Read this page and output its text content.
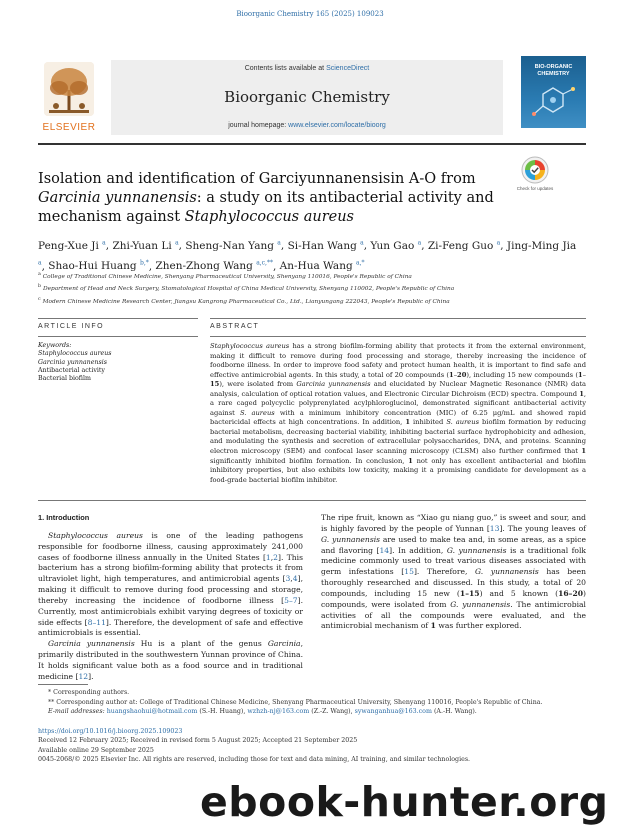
Bioorganic Chemistry 165 (2025) 109023
ELSEVIER
Contents lists available at ScienceDirect
Bioorganic Chemistry
journal homepage: www.elsevier.com/locate/bioorg
BIO-ORGANIC CHEMISTRY
Check for updates
Isolation and identification of Garciyunnanensisin A-O from Garcinia yunnanensis: a study on its antibacterial activity and mechanism against Staphylococcus aureus
Peng-Xue Ji $^a$, Zhi-Yuan Li $^a$, Sheng-Nan Yang $^a$, Si-Han Wang $^a$, Yun Gao $^a$, Zi-Feng Guo $^a$, Jing-Ming Jia $^a$, Shao-Hui Huang $^{b,*}$, Zhen-Zhong Wang $^{a,c,**}$, An-Hua Wang $^{a,*}$
$^a$ College of Traditional Chinese Medicine, Shenyang Pharmaceutical University, Shenyang 110016, People's Republic of China
$^b$ Department of Head and Neck Surgery, Stomatological Hospital of China Medical University, Shenyang 110002, People's Republic of China
$^c$ Modern Chinese Medicine Research Center, Jiangsu Kangrong Pharmaceutical Co., Ltd., Lianyungang 222043, People's Republic of China
ARTICLE INFO	ABSTRACT
Keywords:
Staphylococcus aureus
Garcinia yunnanensis
Antibacterial activity
Bacterial biofilm
Staphylococcus aureus has a strong biofilm-forming ability that protects it from the external environment, making it difficult to remove during food processing and storage, thereby increasing the incidence of foodborne illness. In order to improve food safety and protect human health, it is important to find safe and effective antimicrobial agents. In this study, a total of 20 compounds (1–20), including 15 new compounds (1–15), were isolated from Garcinia yunnanensis and elucidated by Nuclear Magnetic Resonance (NMR) data analysis, calculation of optical rotation values, and Electronic Circular Dichroism (ECD) spectra. Compound 1, a rare caged polycyclic polyprenylated acylphloroglucinol, demonstrated significant antibacterial activity against S. aureus with a minimum inhibitory concentration (MIC) of 6.25 μg/mL and showed rapid bactericidal effects at high concentrations. In addition, 1 inhibited S. aureus biofilm formation by reducing bacterial metabolism, decreasing bacterial viability, inhibiting bacterial surface hydrophobicity and adhesion, and modulating the synthesis and secretion of extracellular polysaccharides, DNA, and proteins. Scanning electron microscopy (SEM) and confocal laser scanning microscopy (CLSM) also further confirmed that 1 significantly inhibited biofilm formation. In conclusion, 1 not only has excellent antibacterial and biofilm inhibitory properties, but also exhibits low toxicity, making it a promising candidate for development as a food-grade bacterial biofilm inhibitor.
1. Introduction

Staphylococcus aureus is one of the leading pathogens responsible for foodborne illness, causing approximately 241,000 cases of foodborne illness annually in the United States [1,2]. This bacterium has a strong biofilm-forming ability that protects it from ultraviolet light, high temperatures, and antimicrobial agents [3,4], making it difficult to remove during food processing and storage, thereby increasing the incidence of foodborne illness [5–7]. Currently, most antimicrobials exhibit varying degrees of toxicity or side effects [8–11]. Therefore, the development of safe and effective antimicrobials is essential.

Garcinia yunnanensis Hu is a plant of the genus Garcinia, primarily distributed in the southwestern Yunnan province of China. It holds significant value both as a food source and in traditional medicine [12].

The ripe fruit, known as “Xiao gu niang guo,” is sweet and sour, and is highly favored by the people of Yunnan [13]. The young leaves of G. yunnanensis are used to make tea and, in some areas, as a spice and flavoring [14]. In addition, G. yunnanensis is a traditional folk medicine commonly used to treat various diseases associated with germ infestations [15]. Therefore, G. yunnanensis has been thoroughly researched and discussed. In this study, a total of 20 compounds, including 15 new (1–15) and 5 known (16–20) compounds, were isolated from G. yunnanensis. The antimicrobial activities of all the compounds were evaluated, and the antimicrobial mechanism of 1 was further explored.

* Corresponding authors.
** Corresponding author at: College of Traditional Chinese Medicine, Shenyang Pharmaceutical University, Shenyang 110016, People's Republic of China.
E-mail addresses: huangshaohui@hotmail.com (S.-H. Huang), wzhzh-nj@163.com (Z.-Z. Wang), sywanganhua@163.com (A.-H. Wang).
https://doi.org/10.1016/j.bioorg.2025.109023
Received 12 February 2025; Received in revised form 5 August 2025; Accepted 21 September 2025
Available online 29 September 2025
0045-2068/© 2025 Elsevier Inc. All rights are reserved, including those for text and data mining, AI training, and similar technologies.
ebook-hunter.org
